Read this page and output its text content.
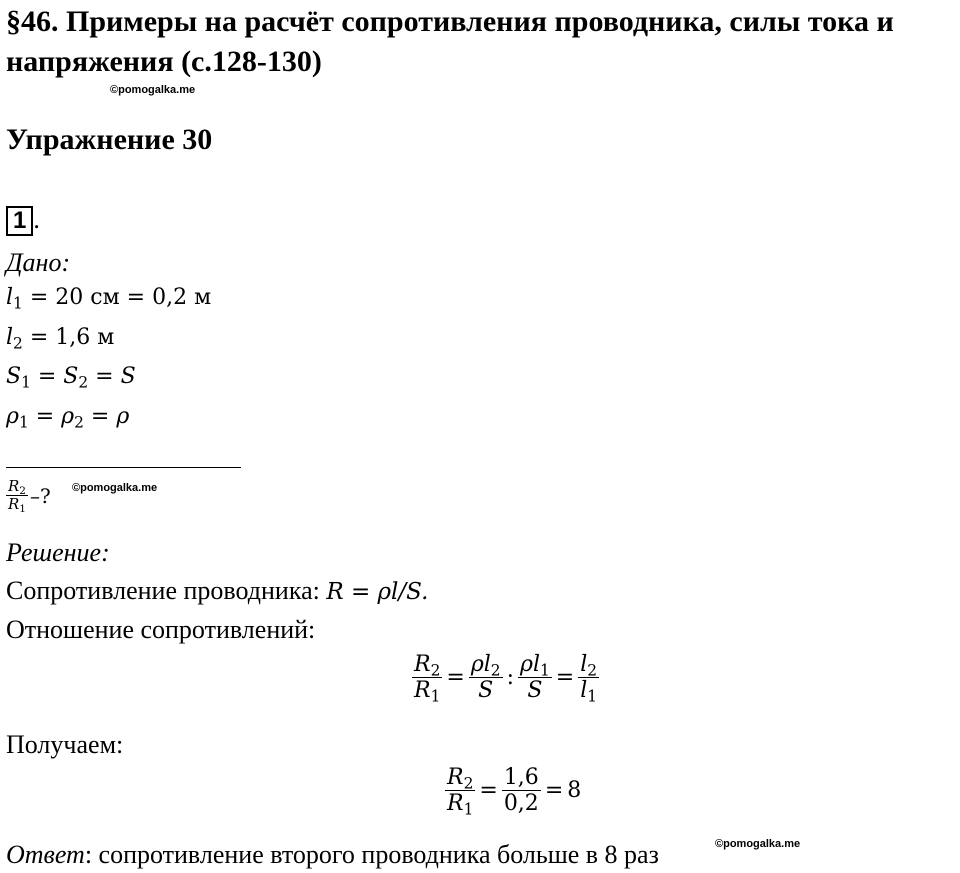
§46. Примеры на расчёт сопротивления проводника, силы тока и
напряжения (с.128-130)
©pomogalka.me
Упражнение 30
1 .
Дано:
$l_1 = 20$ см = 0,2 м
$l_2 = 1,6$ м
$S_1 = S_2 = S$
$\rho_1 = \rho_2 = \rho$
$\frac{R_2}{R_1}$ –? ©pomogalka.me
Решение:
Сопротивление проводника: R = ρl/S.
Отношение сопротивлений:
$\frac{R_2}{R_1} = \frac{\rho l_2}{S}$ : $\frac{\rho l_1}{S} = \frac{l_2}{l_1}$
Получаем:
$\frac{R_2}{R_1} = \frac{1,6}{0,2} = 8$
Ответ: сопротивление второго проводника больше в 8 раз	©pomogalka.me
